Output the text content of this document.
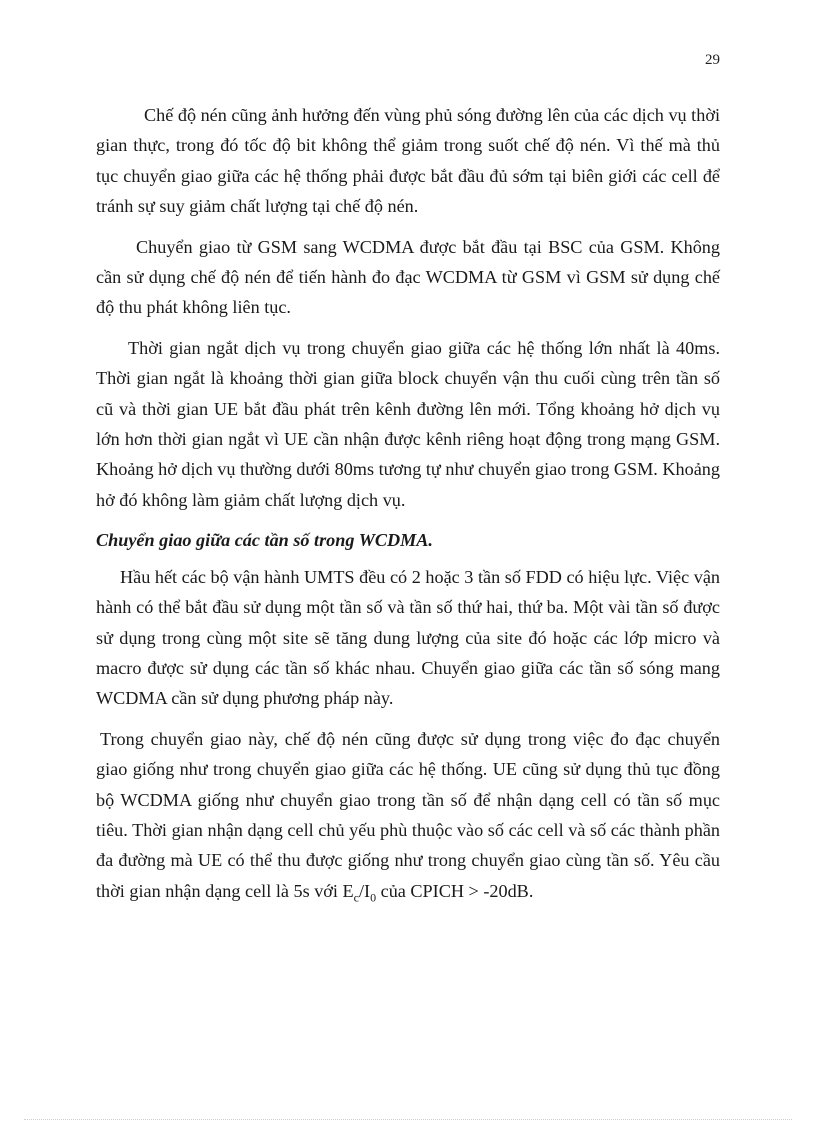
29

Chế độ nén cũng ảnh hưởng đến vùng phủ sóng đường lên của các dịch vụ thời gian thực, trong đó tốc độ bit không thể giảm trong suốt chế độ nén. Vì thế mà thủ tục chuyển giao giữa các hệ thống phải được bắt đầu đủ sớm tại biên giới các cell để tránh sự suy giảm chất lượng tại chế độ nén.

Chuyển giao từ GSM sang WCDMA được bắt đầu tại BSC của GSM. Không cần sử dụng chế độ nén để tiến hành đo đạc WCDMA từ GSM vì GSM sử dụng chế độ thu phát không liên tục.

Thời gian ngắt dịch vụ trong chuyển giao giữa các hệ thống lớn nhất là 40ms. Thời gian ngắt là khoảng thời gian giữa block chuyển vận thu cuối cùng trên tần số cũ và thời gian UE bắt đầu phát trên kênh đường lên mới. Tổng khoảng hở dịch vụ lớn hơn thời gian ngắt vì UE cần nhận được kênh riêng hoạt động trong mạng GSM. Khoảng hở dịch vụ thường dưới 80ms tương tự như chuyển giao trong GSM. Khoảng hở đó không làm giảm chất lượng dịch vụ.

Chuyển giao giữa các tần số trong WCDMA.

Hầu hết các bộ vận hành UMTS đều có 2 hoặc 3 tần số FDD có hiệu lực. Việc vận hành có thể bắt đầu sử dụng một tần số và tần số thứ hai, thứ ba. Một vài tần số được sử dụng trong cùng một site sẽ tăng dung lượng của site đó hoặc các lớp micro và macro được sử dụng các tần số khác nhau. Chuyển giao giữa các tần số sóng mang WCDMA cần sử dụng phương pháp này.

Trong chuyển giao này, chế độ nén cũng được sử dụng trong việc đo đạc chuyển giao giống như trong chuyển giao giữa các hệ thống. UE cũng sử dụng thủ tục đồng bộ WCDMA giống như chuyển giao trong tần số để nhận dạng cell có tần số mục tiêu. Thời gian nhận dạng cell chủ yếu phù thuộc vào số các cell và số các thành phần đa đường mà UE có thể thu được giống như trong chuyển giao cùng tần số. Yêu cầu thời gian nhận dạng cell là 5s với $E_c/I_0$ của CPICH > -20dB.
